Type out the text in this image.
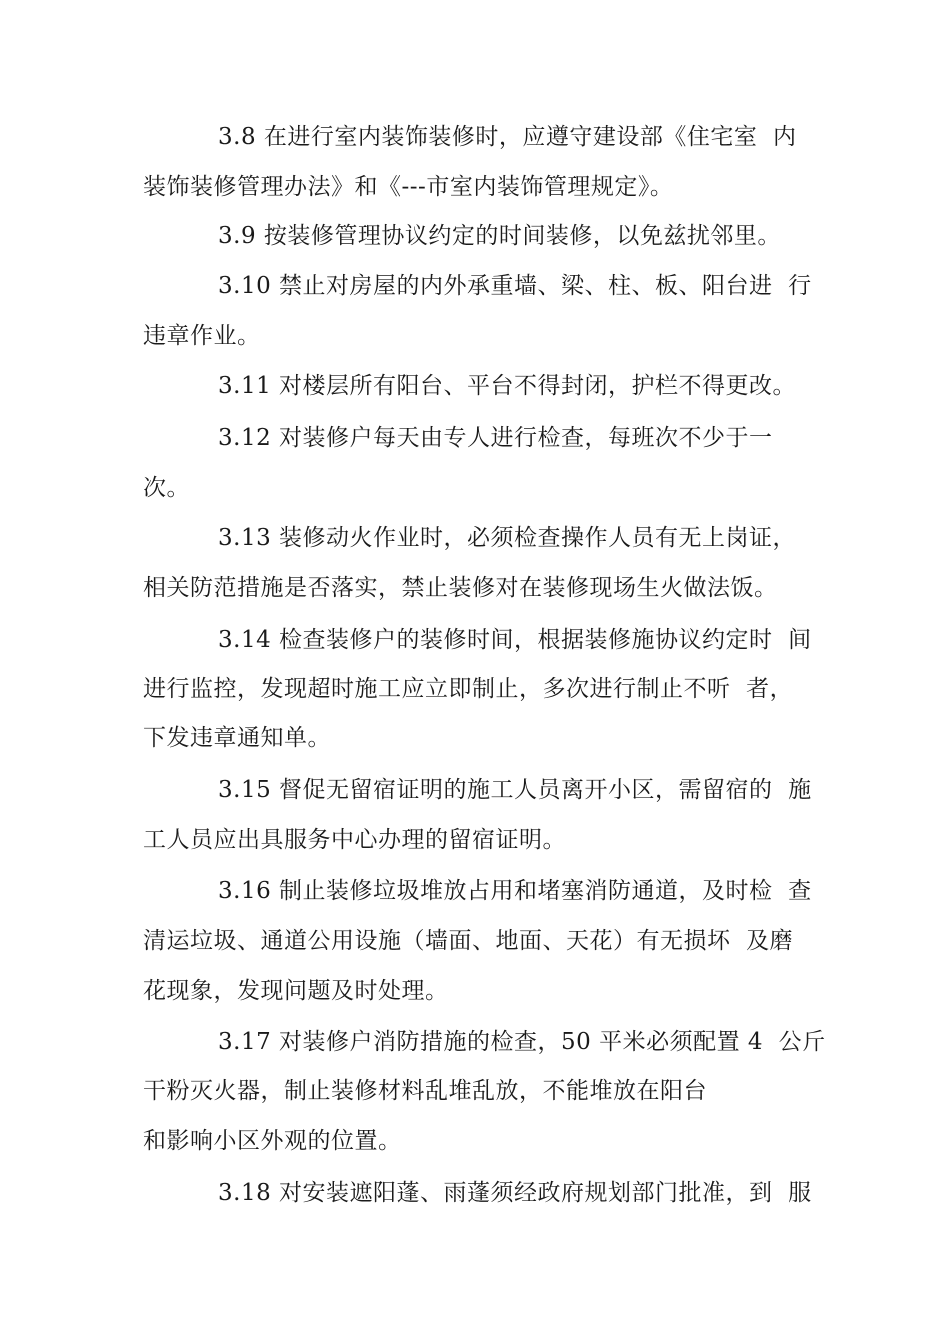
3.8 在进行室内装饰装修时，应遵守建设部《住宅室  内
装饰装修管理办法》和《---市室内装饰管理规定》。
3.9 按装修管理协议约定的时间装修，以免兹扰邻里。
3.10 禁止对房屋的内外承重墙、梁、柱、板、阳台进  行
违章作业。
3.11 对楼层所有阳台、平台不得封闭，护栏不得更改。
3.12 对装修户每天由专人进行检查，每班次不少于一
次。
3.13 装修动火作业时，必须检查操作人员有无上岗证，
相关防范措施是否落实，禁止装修对在装修现场生火做法饭。
3.14 检查装修户的装修时间，根据装修施协议约定时  间
进行监控，发现超时施工应立即制止，多次进行制止不听  者，
下发违章通知单。
3.15 督促无留宿证明的施工人员离开小区，需留宿的  施
工人员应出具服务中心办理的留宿证明。
3.16 制止装修垃圾堆放占用和堵塞消防通道，及时检  查
清运垃圾、通道公用设施（墙面、地面、天花）有无损坏  及磨
花现象，发现问题及时处理。
3.17 对装修户消防措施的检查，50 平米必须配置 4  公斤
干粉灭火器，制止装修材料乱堆乱放，不能堆放在阳台
和影响小区外观的位置。
3.18 对安装遮阳蓬、雨蓬须经政府规划部门批准，到  服
